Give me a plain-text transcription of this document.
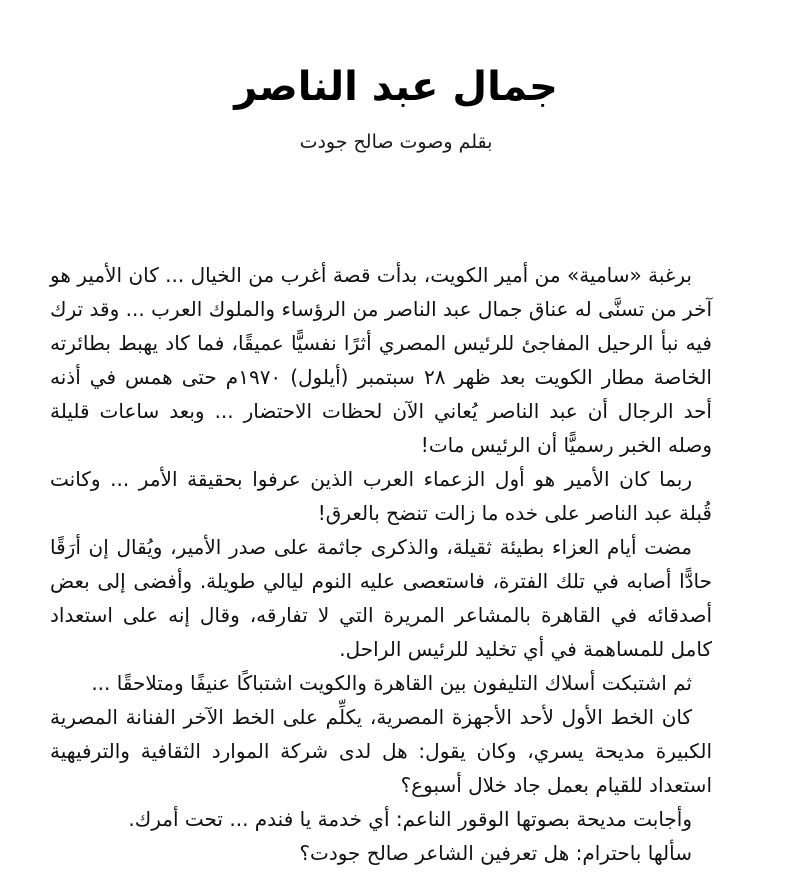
جمال عبد الناصر
بقلم وصوت صالح جودت

برغبة «سامية» من أمير الكويت، بدأت قصة أغرب من الخيال ... كان الأمير هو آخر من تسنَّى له عناق جمال عبد الناصر من الرؤساء والملوك العرب ... وقد ترك فيه نبأ الرحيل المفاجئ للرئيس المصري أثرًا نفسيًّا عميقًا، فما كاد يهبط بطائرته الخاصة مطار الكويت بعد ظهر ٢٨ سبتمبر (أيلول) ١٩٧٠م حتى همس في أذنه أحد الرجال أن عبد الناصر يُعاني الآن لحظات الاحتضار ... وبعد ساعات قليلة وصله الخبر رسميًّا أن الرئيس مات!

ربما كان الأمير هو أول الزعماء العرب الذين عرفوا بحقيقة الأمر ... وكانت قُبلة عبد الناصر على خده ما زالت تنضح بالعرق!

مضت أيام العزاء بطيئة ثقيلة، والذكرى جاثمة على صدر الأمير، ويُقال إن أرَقًا حادًّا أصابه في تلك الفترة، فاستعصى عليه النوم ليالي طويلة. وأفضى إلى بعض أصدقائه في القاهرة بالمشاعر المريرة التي لا تفارقه، وقال إنه على استعداد كامل للمساهمة في أي تخليد للرئيس الراحل.

ثم اشتبكت أسلاك التليفون بين القاهرة والكويت اشتباكًا عنيفًا ومتلاحقًا ...

كان الخط الأول لأحد الأجهزة المصرية، يكلِّم على الخط الآخر الفنانة المصرية الكبيرة مديحة يسري، وكان يقول: هل لدى شركة الموارد الثقافية والترفيهية استعداد للقيام بعمل جاد خلال أسبوع؟

وأجابت مديحة بصوتها الوقور الناعم: أي خدمة يا فندم ... تحت أمرك.

سألها باحترام: هل تعرفين الشاعر صالح جودت؟
